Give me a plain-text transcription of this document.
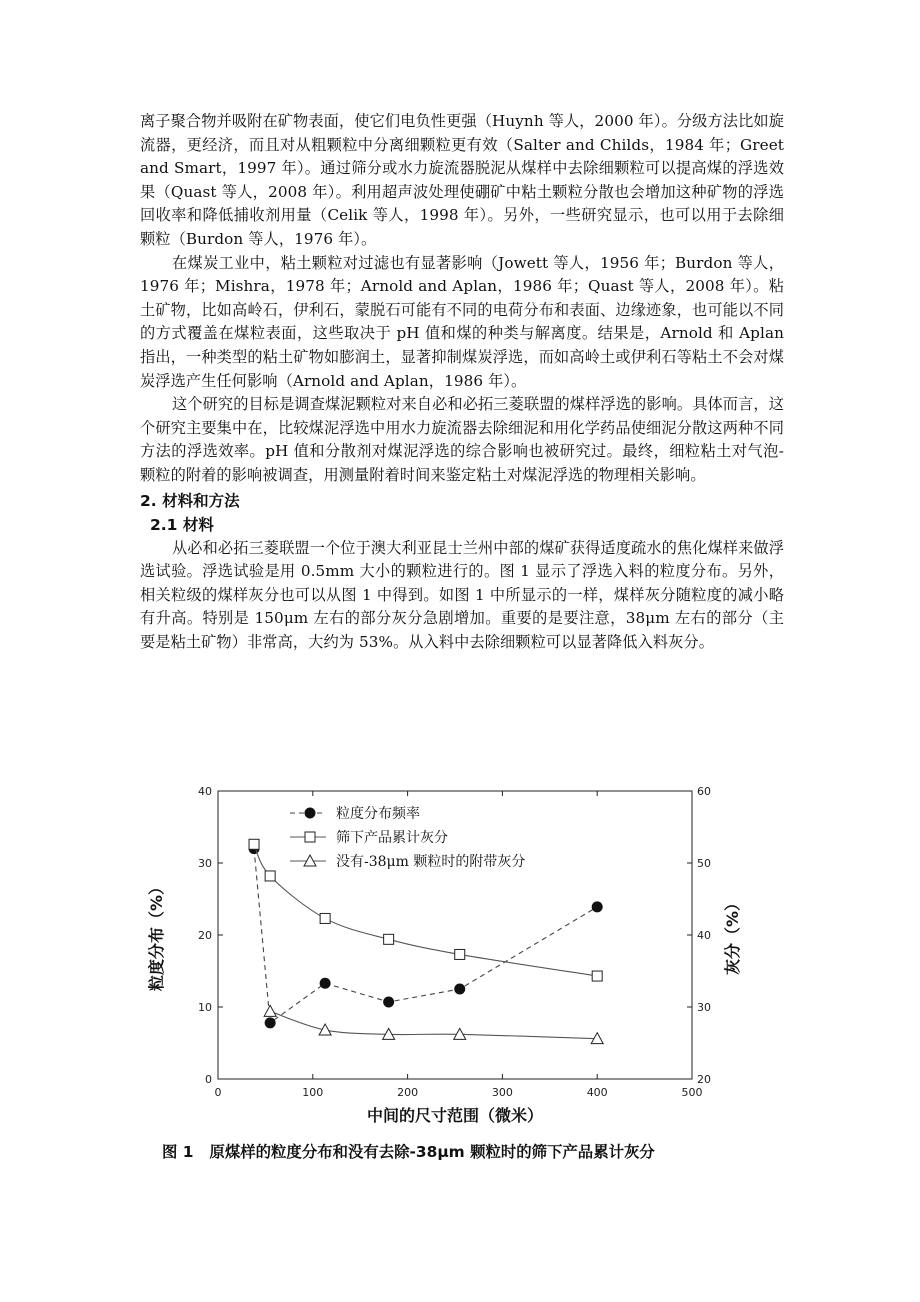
离子聚合物并吸附在矿物表面，使它们电负性更强（Huynh 等人，2000 年）。分级方法比如旋流器，更经济，而且对从粗颗粒中分离细颗粒更有效（Salter and Childs，1984 年；Greet and Smart，1997 年）。通过筛分或水力旋流器脱泥从煤样中去除细颗粒可以提高煤的浮选效果（Quast 等人，2008 年）。利用超声波处理使硼矿中粘土颗粒分散也会增加这种矿物的浮选回收率和降低捕收剂用量（Celik 等人，1998 年）。另外，一些研究显示，也可以用于去除细颗粒（Burdon 等人，1976 年）。

在煤炭工业中，粘土颗粒对过滤也有显著影响（Jowett 等人，1956 年；Burdon 等人，1976 年；Mishra，1978 年；Arnold and Aplan，1986 年；Quast 等人，2008 年）。粘土矿物，比如高岭石，伊利石，蒙脱石可能有不同的电荷分布和表面、边缘迹象，也可能以不同的方式覆盖在煤粒表面，这些取决于 pH 值和煤的种类与解离度。结果是，Arnold 和 Aplan 指出，一种类型的粘土矿物如膨润土，显著抑制煤炭浮选，而如高岭土或伊利石等粘土不会对煤炭浮选产生任何影响（Arnold and Aplan，1986 年）。

这个研究的目标是调查煤泥颗粒对来自必和必拓三菱联盟的煤样浮选的影响。具体而言，这个研究主要集中在，比较煤泥浮选中用水力旋流器去除细泥和用化学药品使细泥分散这两种不同方法的浮选效率。pH 值和分散剂对煤泥浮选的综合影响也被研究过。最终，细粒粘土对气泡-颗粒的附着的影响被调查，用测量附着时间来鉴定粘土对煤泥浮选的物理相关影响。

2. 材料和方法
2.1 材料

从必和必拓三菱联盟一个位于澳大利亚昆士兰州中部的煤矿获得适度疏水的焦化煤样来做浮选试验。浮选试验是用 0.5mm 大小的颗粒进行的。图 1 显示了浮选入料的粒度分布。另外，相关粒级的煤样灰分也可以从图 1 中得到。如图 1 中所显示的一样，煤样灰分随粒度的减小略有升高。特别是 150μm 左右的部分灰分急剧增加。重要的是要注意，38μm 左右的部分（主要是粘土矿物）非常高，大约为 53%。从入料中去除细颗粒可以显著降低入料灰分。

0	100	200	300	400	500
0
10
20
30
40
20
30
40
50
60
中间的尺寸范围（微米）
粒度分布（%）	灰分（%）
粒度分布频率
筛下产品累计灰分
没有-38μm 颗粒时的附带灰分
图 1 原煤样的粒度分布和没有去除-38μm 颗粒时的筛下产品累计灰分
